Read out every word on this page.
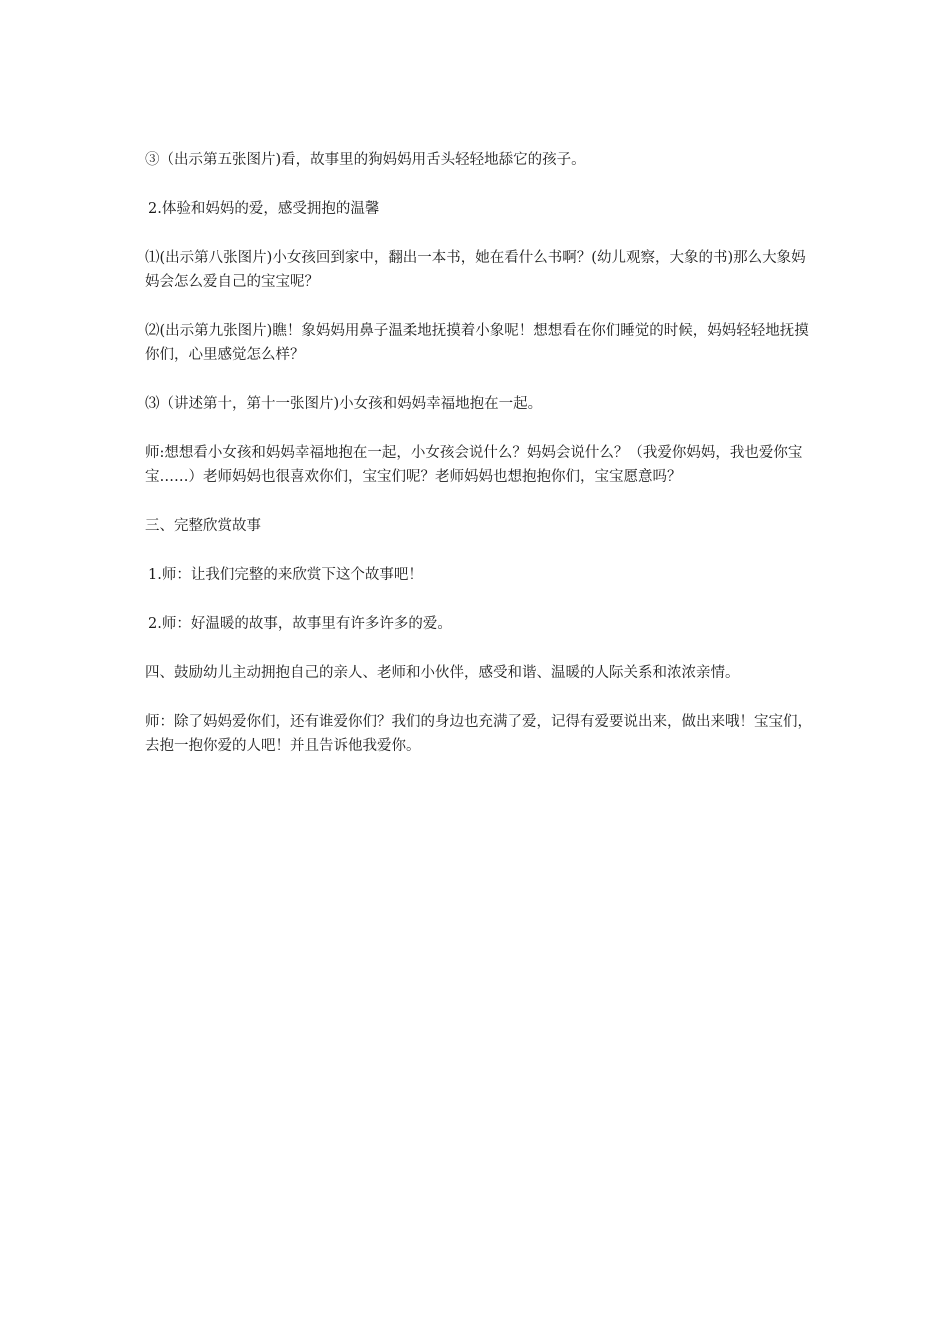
③（出示第五张图片)看，故事里的狗妈妈用舌头轻轻地舔它的孩子。

2.体验和妈妈的爱，感受拥抱的温馨

⑴(出示第八张图片)小女孩回到家中，翻出一本书，她在看什么书啊？(幼儿观察，大象的书)那么大象妈妈会怎么爱自己的宝宝呢？

⑵(出示第九张图片)瞧！象妈妈用鼻子温柔地抚摸着小象呢！想想看在你们睡觉的时候，妈妈轻轻地抚摸你们，心里感觉怎么样？

⑶（讲述第十，第十一张图片)小女孩和妈妈幸福地抱在一起。

师:想想看小女孩和妈妈幸福地抱在一起，小女孩会说什么？妈妈会说什么？（我爱你妈妈，我也爱你宝宝……）老师妈妈也很喜欢你们，宝宝们呢？老师妈妈也想抱抱你们，宝宝愿意吗？

三、完整欣赏故事

1.师：让我们完整的来欣赏下这个故事吧！

2.师：好温暖的故事，故事里有许多许多的爱。

四、鼓励幼儿主动拥抱自己的亲人、老师和小伙伴，感受和谐、温暖的人际关系和浓浓亲情。

师：除了妈妈爱你们，还有谁爱你们？我们的身边也充满了爱，记得有爱要说出来，做出来哦！宝宝们，去抱一抱你爱的人吧！并且告诉他我爱你。
